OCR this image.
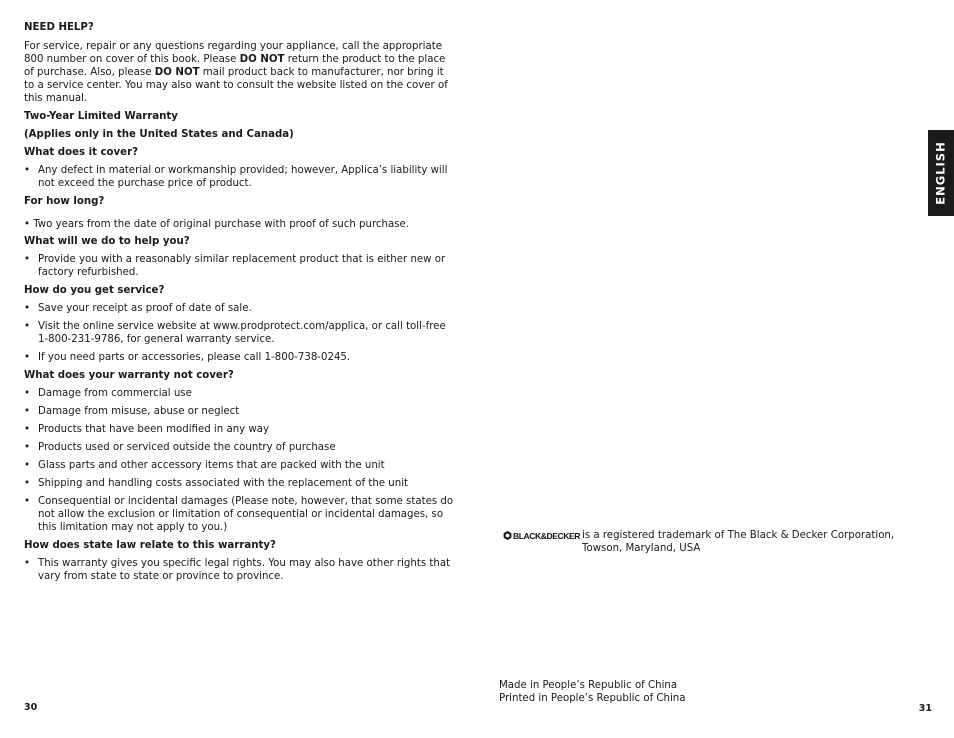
NEED HELP?

For service, repair or any questions regarding your appliance, call the appropriate 800 number on cover of this book. Please DO NOT return the product to the place of purchase. Also, please DO NOT mail product back to manufacturer, nor bring it to a service center. You may also want to consult the website listed on the cover of this manual.

Two-Year Limited Warranty

(Applies only in the United States and Canada)

What does it cover?

• Any defect in material or workmanship provided; however, Applica’s liability will not exceed the purchase price of product.

For how long?

• Two years from the date of original purchase with proof of such purchase.

What will we do to help you?

• Provide you with a reasonably similar replacement product that is either new or factory refurbished.

How do you get service?

• Save your receipt as proof of date of sale.
• Visit the online service website at www.prodprotect.com/applica, or call toll-free 1-800-231-9786, for general warranty service.
• If you need parts or accessories, please call 1-800-738-0245.

What does your warranty not cover?

• Damage from commercial use
• Damage from misuse, abuse or neglect
• Products that have been modified in any way
• Products used or serviced outside the country of purchase
• Glass parts and other accessory items that are packed with the unit
• Shipping and handling costs associated with the replacement of the unit
• Consequential or incidental damages (Please note, however, that some states do not allow the exclusion or limitation of consequential or incidental damages, so this limitation may not apply to you.)

How does state law relate to this warranty?

• This warranty gives you specific legal rights. You may also have other rights that vary from state to state or province to province.
30
ENGLISH
BLACK&DECKER is a registered trademark of The Black & Decker Corporation,
Towson, Maryland, USA
Made in People’s Republic of China
Printed in People’s Republic of China
31
